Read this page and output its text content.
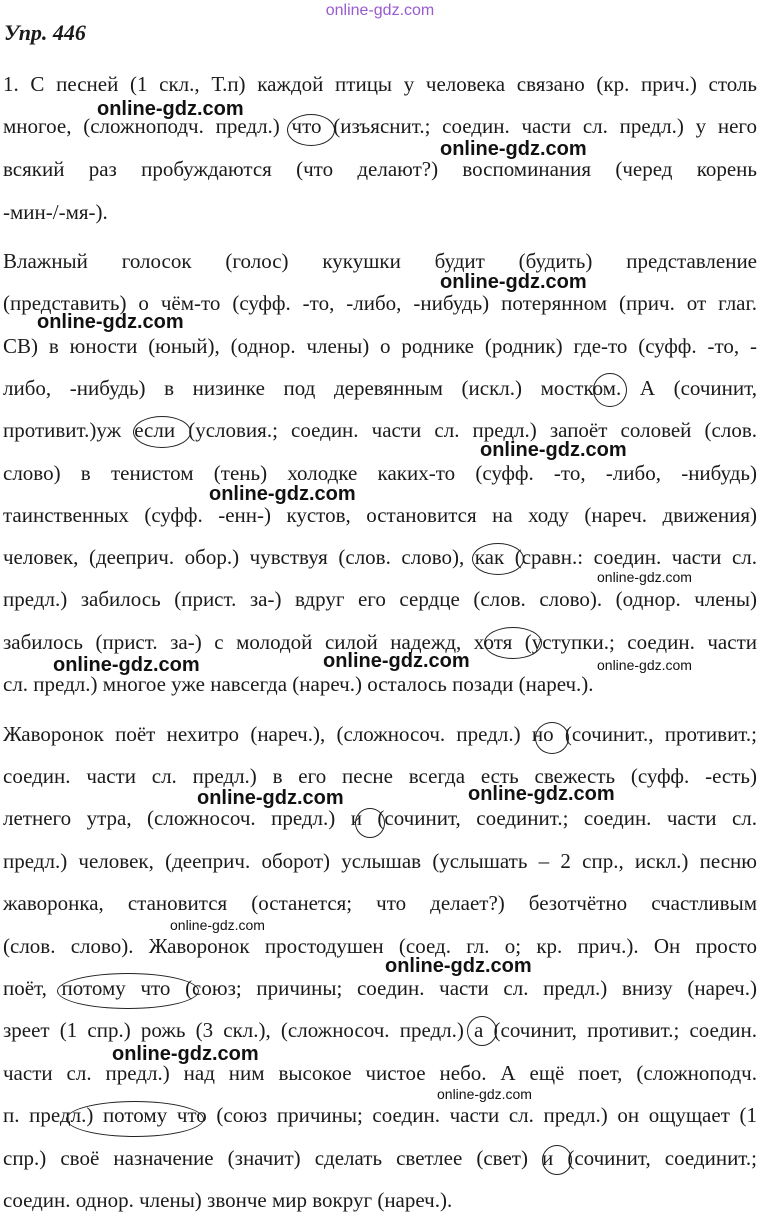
online-gdz.com
Упр. 446
1. С песней (1 скл., Т.п) каждой птицы у человека связано (кр. прич.) столь
многое, (сложноподч. предл.) что (изъяснит.; соедин. части сл. предл.) у него
всякий раз пробуждаются (что делают?) воспоминания (черед корень
-мин-/-мя-).
Влажный голосок (голос) кукушки будит (будить) представление
(представить) о чём-то (суфф. -то, -либо, -нибудь) потерянном (прич. от глаг.
СВ) в юности (юный), (одноp. члены) о роднике (родник) где-то (суфф. -то, -
либо, -нибудь) в низинке под деревянным (искл.) мостком. А (сочинит,
противит.)уж если (условия.; соедин. части сл. предл.) запоёт соловей (слов.
слово) в тенистом (тень) холодке каких-то (суфф. -то, -либо, -нибудь)
таинственных (суфф. -енн-) кустов, остановится на ходу (нареч. движения)
человек, (дееприч. обор.) чувствуя (слов. слово), как (сравн.: соедин. части сл.
предл.) забилось (прист. за-) вдруг его сердце (слов. слово). (одноp. члены)
забилось (прист. за-) с молодой силой надежд, хотя (уступки.; соедин. части
сл. предл.) многое уже навсегда (нареч.) осталось позади (нареч.).
Жаворонок поёт нехитро (нареч.), (сложносоч. предл.) но (сочинит., противит.;
соедин. части сл. предл.) в его песне всегда есть свежесть (суфф. -есть)
летнего утра, (сложносоч. предл.) и (сочинит, соединит.; соедин. части сл.
предл.) человек, (дееприч. оборот) услышав (услышать – 2 спр., искл.) песню
жаворонка, становится (останется; что делает?) безотчётно счастливым
(слов. слово). Жаворонок простодушен (соед. гл. о; кр. прич.). Он просто
поёт, потому что (союз; причины; соедин. части сл. предл.) внизу (нареч.)
зреет (1 спр.) рожь (3 скл.), (сложносоч. предл.) а (сочинит, противит.; соедин.
части сл. предл.) над ним высокое чистое небо. А ещё поет, (сложноподч.
п. предл.) потому что (союз причины; соедин. части сл. предл.) он ощущает (1
спр.) своё назначение (значит) сделать светлее (свет) и (сочинит, соединит.;
соедин. однор. члены) звонче мир вокруг (нареч.).
online-gdz.com
online-gdz.com
online-gdz.com
online-gdz.com
online-gdz.com
online-gdz.com
online-gdz.com
online-gdz.com	online-gdz.com	online-gdz.com
online-gdz.com	online-gdz.com
online-gdz.com
online-gdz.com
online-gdz.com
online-gdz.com
